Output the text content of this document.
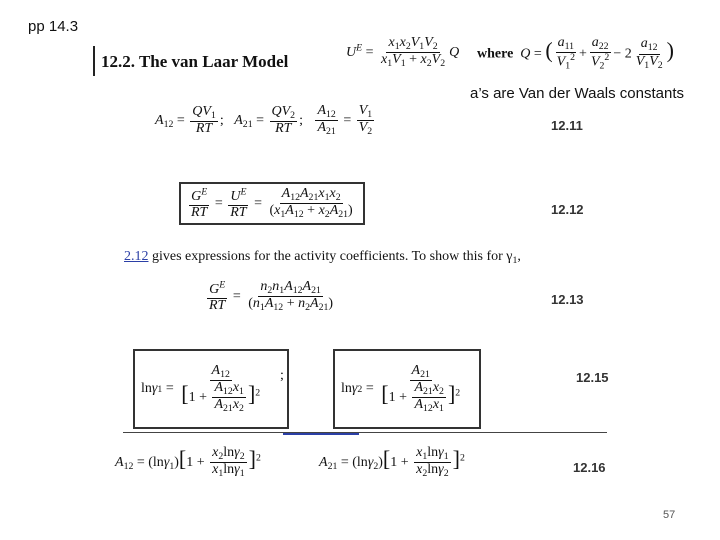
pp 14.3
12.2. The van Laar Model	$U^E = \frac{x_1x_2V_1V_2}{x_1V_1 + x_2V_2}$ Q where Q = ( $\frac{a_{11}}{V_1^2} + \frac{a_{22}}{V_2^2} - 2 \frac{a_{12}}{V_1V_2}$ )
a’s are Van der Waals constants
$A_{12} = \frac{QV_1}{RT}$ ;   $A_{21} = \frac{QV_2}{RT}$ ; $\frac{A_{12}}{A_{21}} = \frac{V_1}{V_2}$	12.11
$\frac{G^E}{RT} = \frac{U^E}{RT} = \frac{A_{12}A_{21}x_1x_2}{(x_1A_{12} + x_2A_{21})}$	12.12
2.12 gives expressions for the activity coefficients. To show this for $\gamma_1$,
$\frac{G^E}{RT} = \frac{n_2n_1A_{12}A_{21}}{(n_1A_{12} + n_2A_{21})}$	12.13
ln γ $1 = \frac{A_{12}}{[1 + \frac{A_{12}x_1}{A_{21}x_2} ]^2}$ ;
ln γ $2 = \frac{A_{21}}{[1 + \frac{A_{21}x_2}{A_{12}x_1} ]^2}$	12.15
$A_{12} = (\ln\gamma_1)[1 + \frac{x_2\ln\gamma_2}{x_1\ln\gamma_1} ]^2$	$A_{21} = (\ln\gamma_2)[1 + \frac{x_1\ln\gamma_1}{x_2\ln\gamma_2} ]^2$
12.16
57
